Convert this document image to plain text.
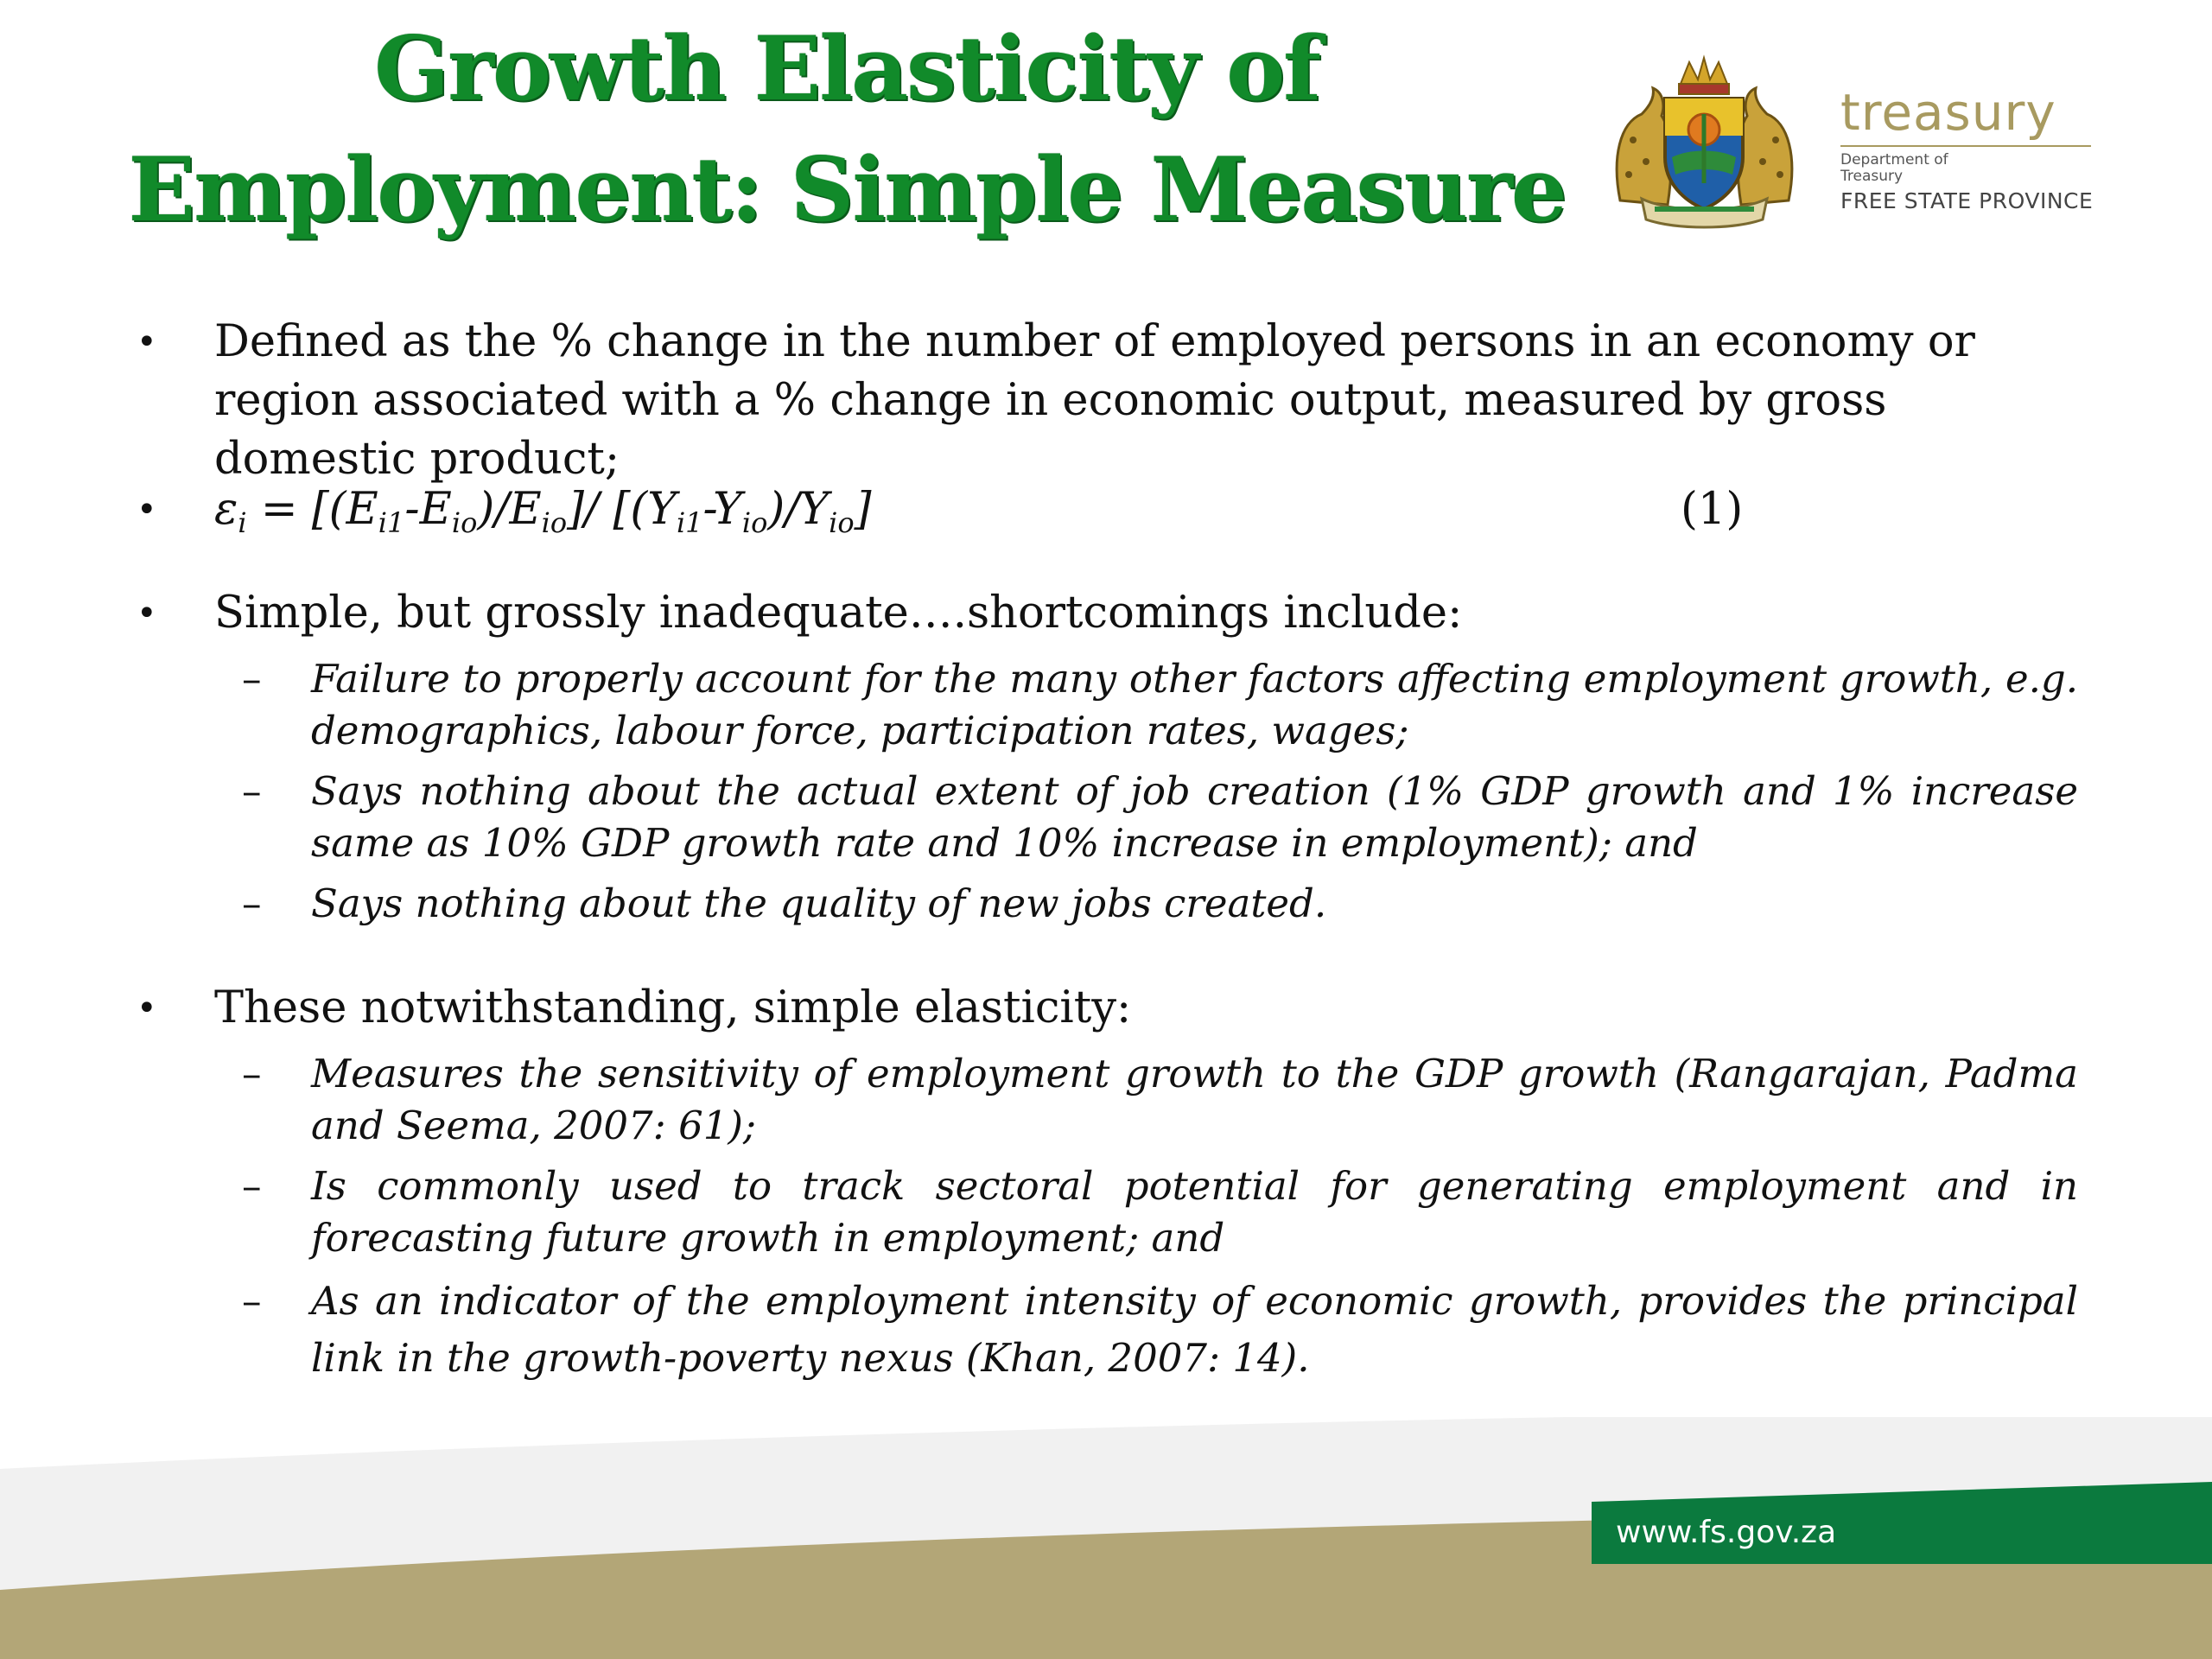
Growth Elasticity of
Employment: Simple Measure
treasury
Department of
Treasury
FREE STATE PROVINCE
• Defined as the % change in the number of employed persons in an economy or region associated with a % change in economic output, measured by gross domestic product;
• $\varepsilon_i = [(E_{i1}-E_{io})/E_{io}]/$ $[(Y_{i1}-Y_{io})/Y_{io}]$	(1)
• Simple, but grossly inadequate….shortcomings include:
– Failure to properly account for the many other factors affecting employment growth, e.g. demographics, labour force, participation rates, wages;
– Says nothing about the actual extent of job creation (1% GDP growth and 1% increase same as 10% GDP growth rate and 10% increase in employment); and
– Says nothing about the quality of new jobs created.
• These notwithstanding, simple elasticity:
– Measures the sensitivity of employment growth to the GDP growth (Rangarajan, Padma and Seema, 2007: 61);
– Is commonly used to track sectoral potential for generating employment and in forecasting future growth in employment; and
– As an indicator of the employment intensity of economic growth, provides the principal link in the growth-poverty nexus (Khan, 2007: 14).
www.fs.gov.za
